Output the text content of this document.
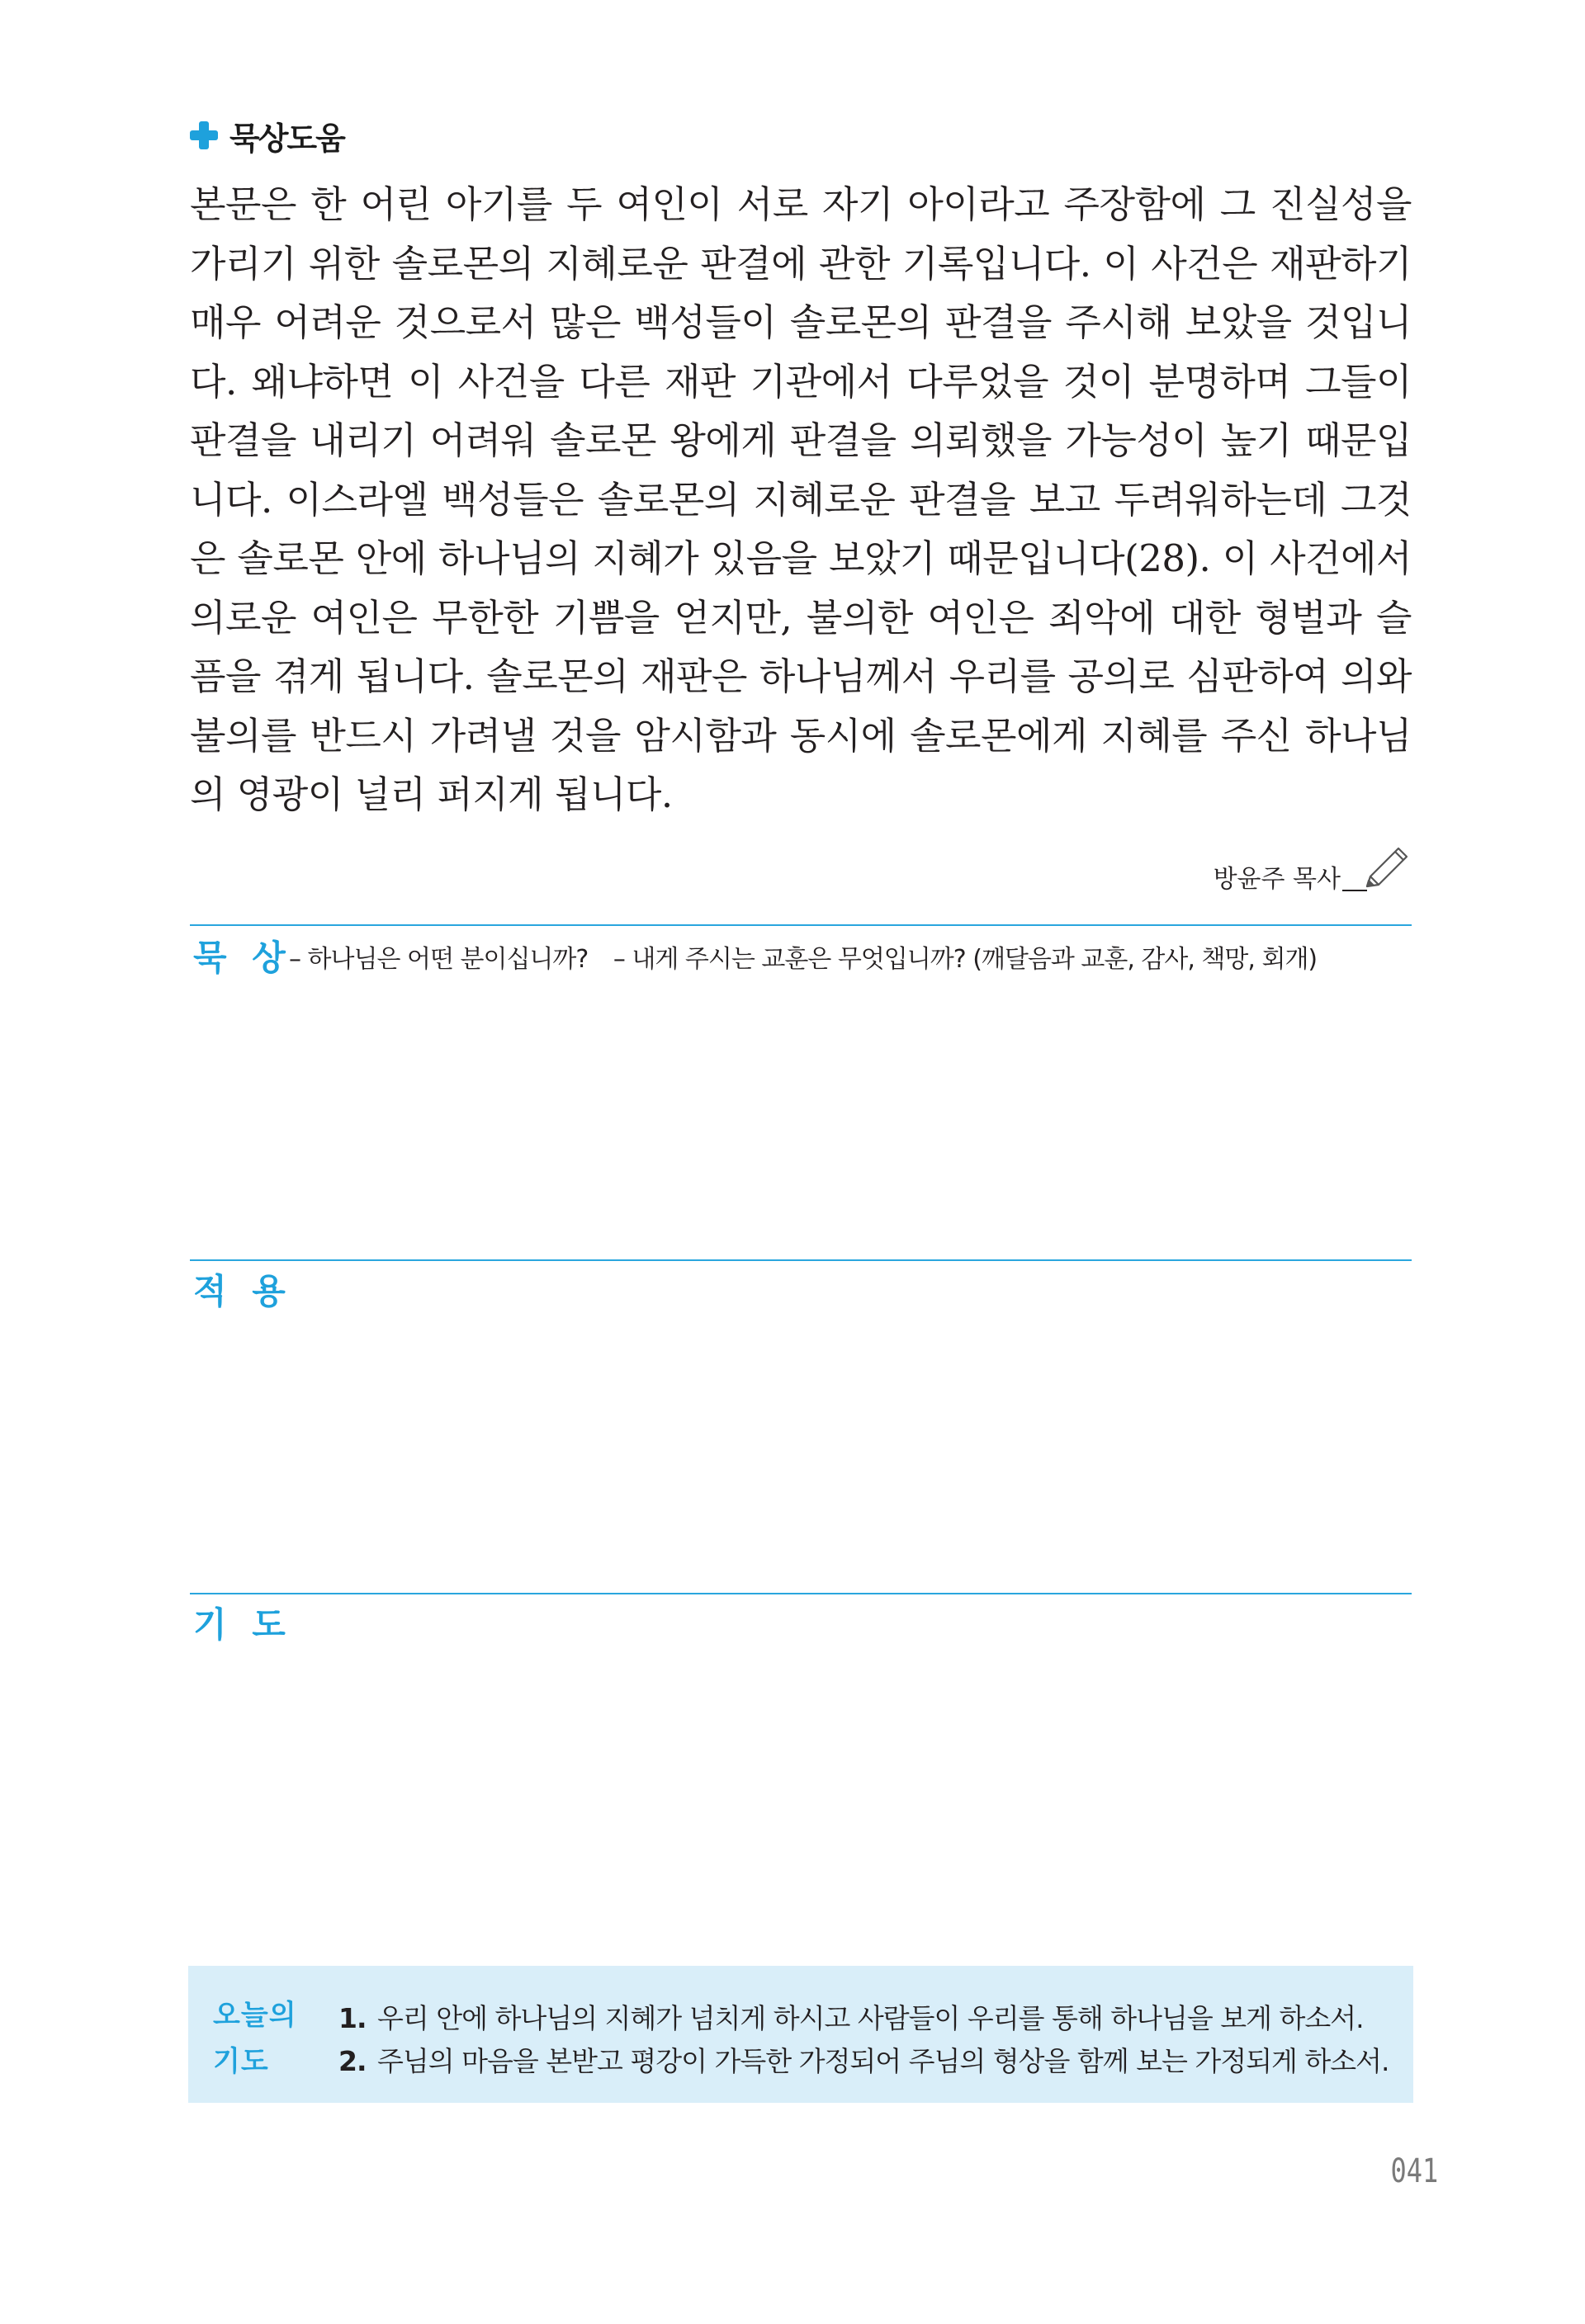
묵상도움
본문은 한 어린 아기를 두 여인이 서로 자기 아이라고 주장함에 그 진실성을 가리기 위한 솔로몬의 지혜로운 판결에 관한 기록입니다. 이 사건은 재판하기 매우 어려운 것으로서 많은 백성들이 솔로몬의 판결을 주시해 보았을 것입니다. 왜냐하면 이 사건을 다른 재판 기관에서 다루었을 것이 분명하며 그들이 판결을 내리기 어려워 솔로몬 왕에게 판결을 의뢰했을 가능성이 높기 때문입니다. 이스라엘 백성들은 솔로몬의 지혜로운 판결을 보고 두려워하는데 그것은 솔로몬 안에 하나님의 지혜가 있음을 보았기 때문입니다(28). 이 사건에서 의로운 여인은 무한한 기쁨을 얻지만, 불의한 여인은 죄악에 대한 형벌과 슬픔을 겪게 됩니다. 솔로몬의 재판은 하나님께서 우리를 공의로 심판하여 의와 불의를 반드시 가려낼 것을 암시함과 동시에 솔로몬에게 지혜를 주신 하나님의 영광이 널리 퍼지게 됩니다.
방윤주 목사
묵 상
– 하나님은 어떤 분이십니까? – 내게 주시는 교훈은 무엇입니까? (깨달음과 교훈, 감사, 책망, 회개)
적 용
기 도
오늘의
기도
1. 우리 안에 하나님의 지혜가 넘치게 하시고 사람들이 우리를 통해 하나님을 보게 하소서.
2. 주님의 마음을 본받고 평강이 가득한 가정되어 주님의 형상을 함께 보는 가정되게 하소서.
041
